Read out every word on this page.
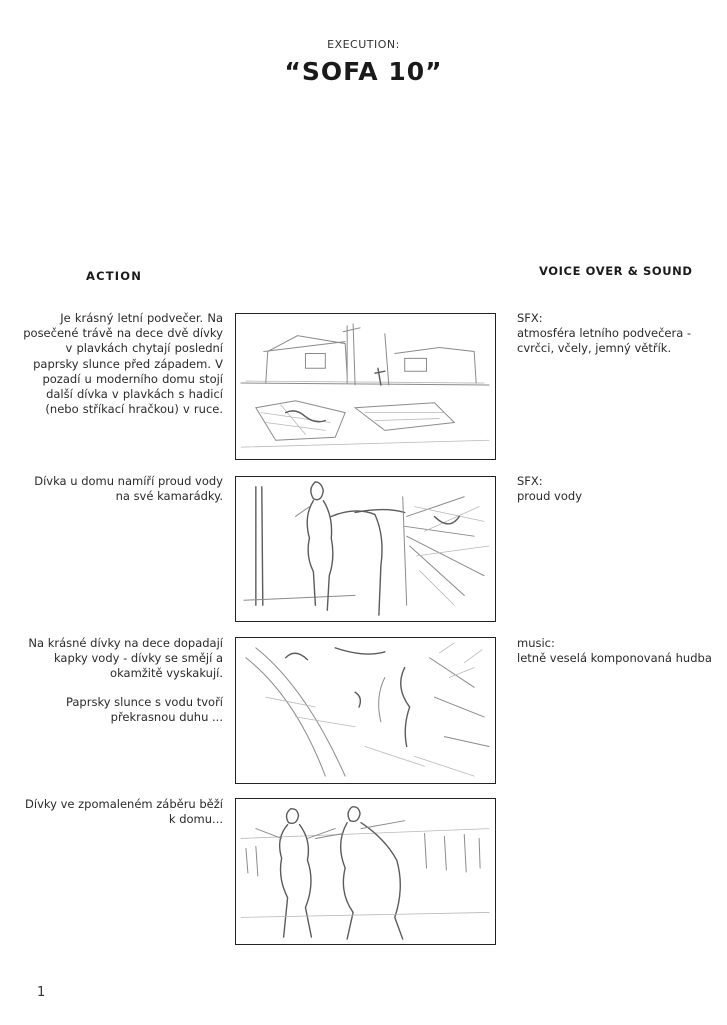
EXECUTION:
“SOFA 10”
ACTION	VOICE OVER & SOUND

Je krásný letní podvečer. Na posečené trávě na dece dvě dívky v plavkách chytají poslední paprsky slunce před západem. V pozadí u moderního domu stojí další dívka v plavkách s hadicí (nebo stříkací hračkou) v ruce.

SFX:
atmosféra letního podvečera - cvrčci, včely, jemný větřík.

Dívka u domu namíří proud vody na své kamarádky.

SFX:
proud vody

Na krásné dívky na dece dopadají kapky vody - dívky se smějí a okamžitě vyskakují.

Paprsky slunce s vodu tvoří překrasnou duhu ...

music:
letně veselá komponovaná hudba

Dívky ve zpomaleném záběru běží k domu...

1
